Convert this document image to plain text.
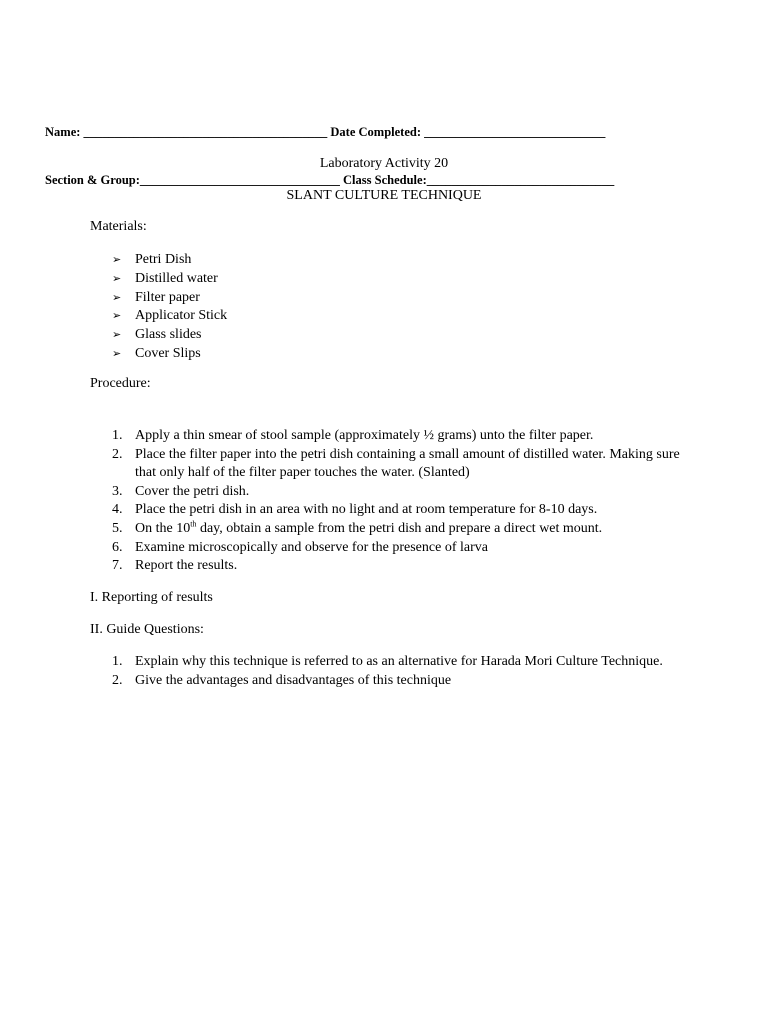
Name: _______________________________________ Date Completed: _____________________________

Section & Group:________________________________ Class Schedule:______________________________

Laboratory Activity 20
SLANT CULTURE TECHNIQUE
Materials:
➢ Petri Dish
➢ Distilled water
➢ Filter paper
➢ Applicator Stick
➢ Glass slides
➢ Cover Slips
Procedure:
1. Apply a thin smear of stool sample (approximately ½ grams) unto the filter paper.
2. Place the filter paper into the petri dish containing a small amount of distilled water. Making sure that only half of the filter paper touches the water. (Slanted)
3. Cover the petri dish.
4. Place the petri dish in an area with no light and at room temperature for 8-10 days.
5. On the 10th day, obtain a sample from the petri dish and prepare a direct wet mount.
6. Examine microscopically and observe for the presence of larva
7. Report the results.
I. Reporting of results
II. Guide Questions:
1. Explain why this technique is referred to as an alternative for Harada Mori Culture Technique.
2. Give the advantages and disadvantages of this technique
